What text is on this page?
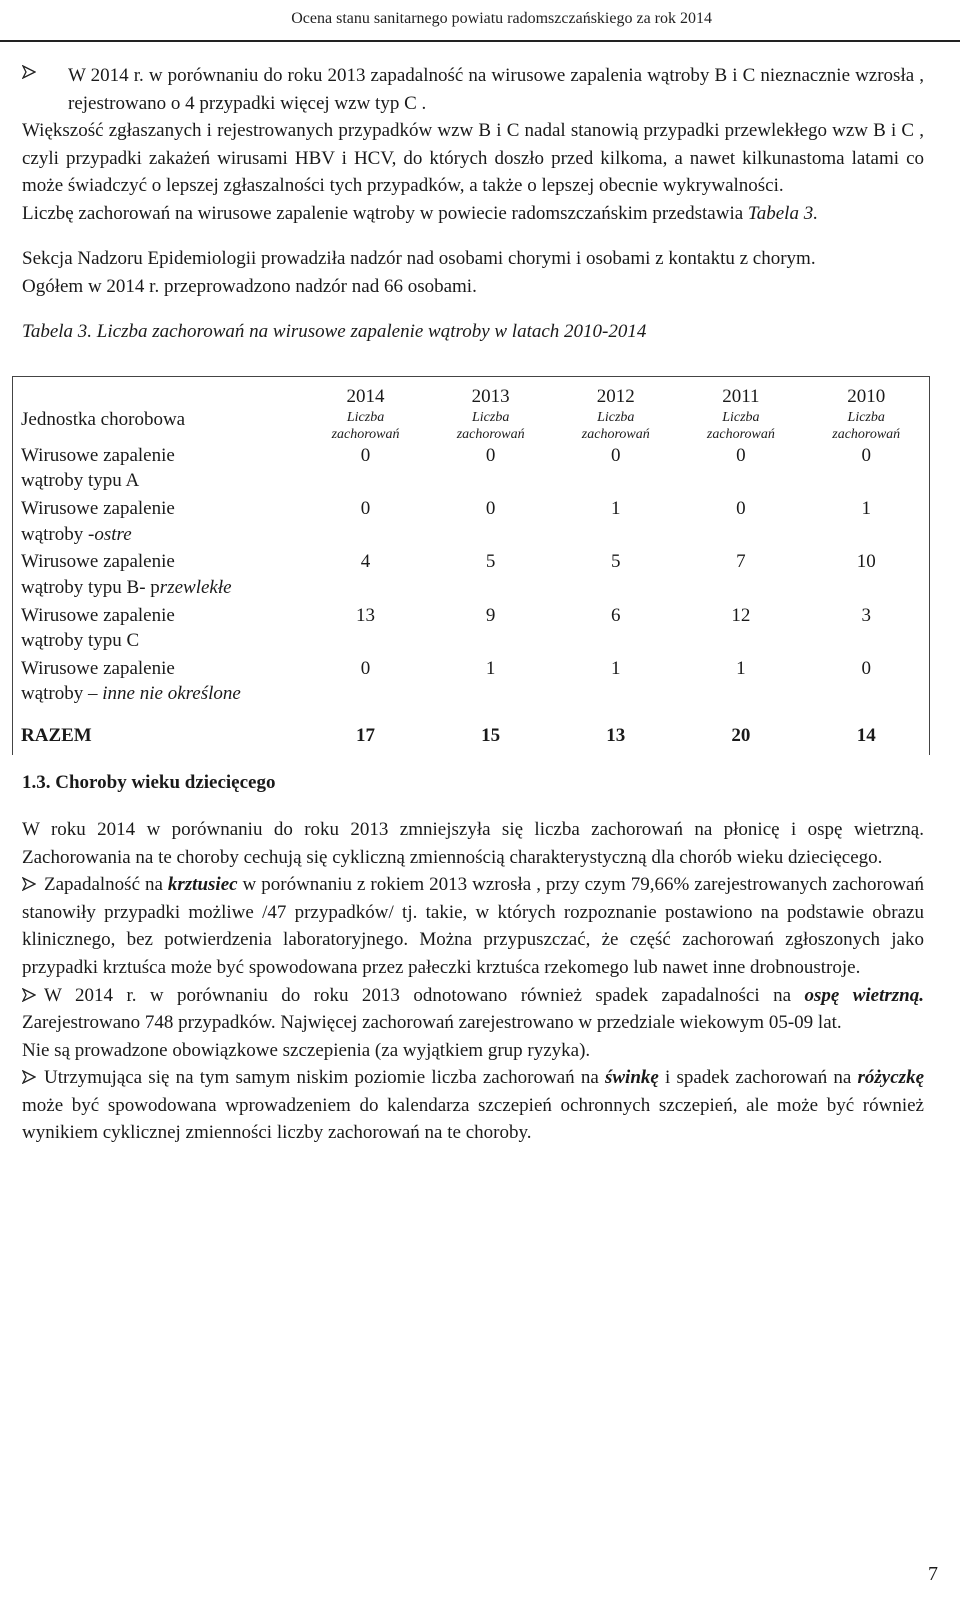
Ocena stanu sanitarnego powiatu radomszczańskiego za rok 2014

W 2014 r. w porównaniu do roku 2013 zapadalność na wirusowe zapalenia wątroby B i C nieznacznie wzrosła , rejestrowano o 4 przypadki więcej wzw typ C .

Większość zgłaszanych i rejestrowanych przypadków wzw B i C nadal stanowią przypadki przewlekłego wzw B i C , czyli przypadki zakażeń wirusami HBV i HCV, do których doszło przed kilkoma, a nawet kilkunastoma latami co może świadczyć o lepszej zgłaszalności tych przypadków, a także o lepszej obecnie wykrywalności.

Liczbę zachorowań na wirusowe zapalenie wątroby w powiecie radomszczańskim przedstawia Tabela 3.

Sekcja Nadzoru Epidemiologii prowadziła nadzór nad osobami chorymi i osobami z kontaktu z chorym.

Ogółem w 2014 r. przeprowadzono nadzór nad 66 osobami.

Tabela 3. Liczba zachorowań na wirusowe zapalenie wątroby w latach 2010-2014

Jednostka chorobowa	2014	2013	2012	2011	2010
	Liczba
zachorowań	Liczba
zachorowań	Liczba
zachorowań	Liczba
zachorowań	Liczba
zachorowań
Wirusowe zapalenie
wątroby typu A	0	0	0	0	0
Wirusowe zapalenie
wątroby -ostre	0	0	1	0	1
Wirusowe zapalenie
wątroby typu B- przewlekłe	4	5	5	7	10
Wirusowe zapalenie
wątroby typu C	13	9	6	12	3
Wirusowe zapalenie
wątroby – inne nie określone	0	1	1	1	0
RAZEM	17	15	13	20	14

1.3. Choroby wieku dziecięcego

W roku 2014 w porównaniu do roku 2013 zmniejszyła się liczba zachorowań na płonicę i ospę wietrzną. Zachorowania na te choroby cechują się cykliczną zmiennością charakterystyczną dla chorób wieku dziecięcego.

Zapadalność na krztusiec w porównaniu z rokiem 2013 wzrosła , przy czym 79,66% zarejestrowanych zachorowań stanowiły przypadki możliwe /47 przypadków/ tj. takie, w których rozpoznanie postawiono na podstawie obrazu klinicznego, bez potwierdzenia laboratoryjnego. Można przypuszczać, że część zachorowań zgłoszonych jako przypadki krztuśca może być spowodowana przez pałeczki krztuśca rzekomego lub nawet inne drobnoustroje.

W 2014 r. w porównaniu do roku 2013 odnotowano również spadek zapadalności na ospę wietrzną. Zarejestrowano 748 przypadków. Najwięcej zachorowań zarejestrowano w przedziale wiekowym 05-09 lat.

Nie są prowadzone obowiązkowe szczepienia (za wyjątkiem grup ryzyka).

Utrzymująca się na tym samym niskim poziomie liczba zachorowań na świnkę i spadek zachorowań na różyczkę może być spowodowana wprowadzeniem do kalendarza szczepień ochronnych szczepień, ale może być również wynikiem cyklicznej zmienności liczby zachorowań na te choroby.

7
